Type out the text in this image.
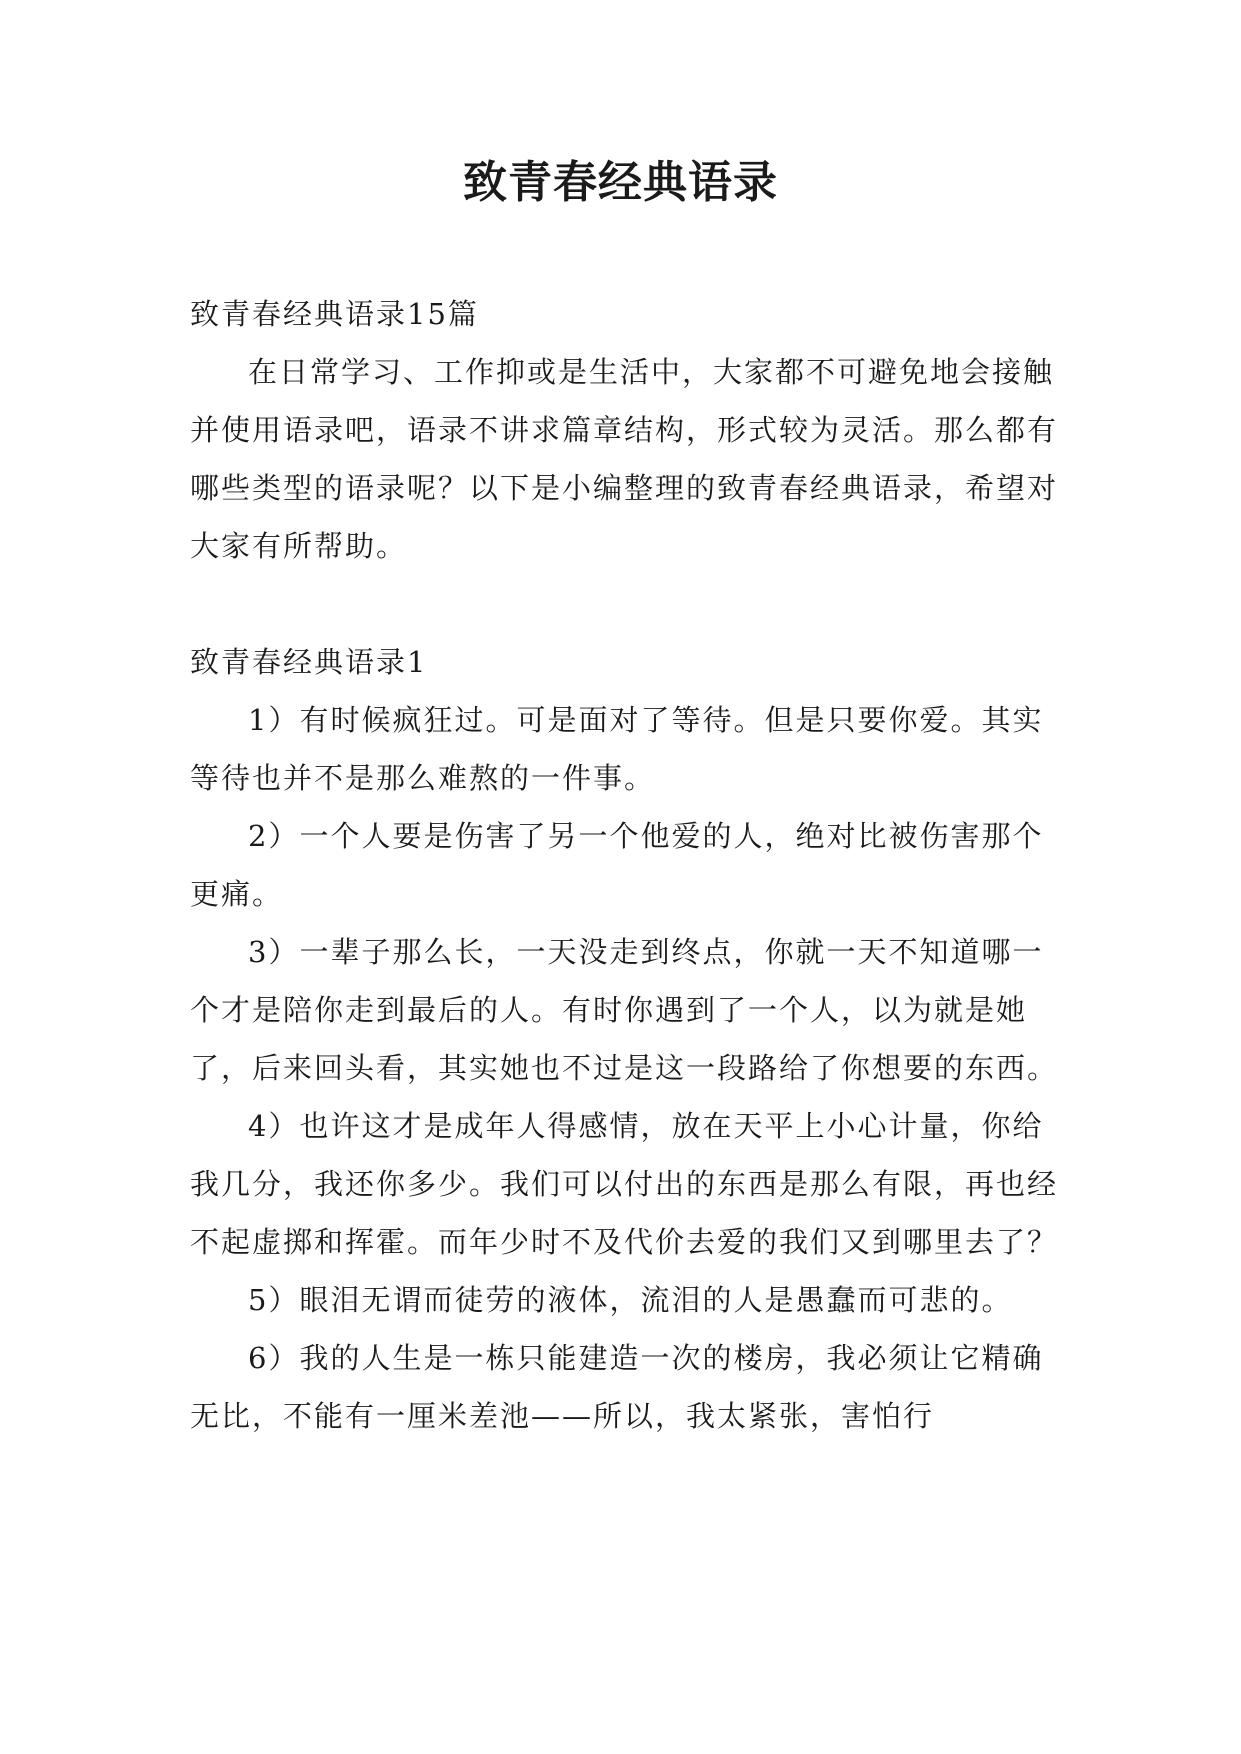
致青春经典语录

致青春经典语录15篇

在日常学习、工作抑或是生活中，大家都不可避免地会接触并使用语录吧，语录不讲求篇章结构，形式较为灵活。那么都有哪些类型的语录呢？以下是小编整理的致青春经典语录，希望对大家有所帮助。

致青春经典语录1

1）有时候疯狂过。可是面对了等待。但是只要你爱。其实等待也并不是那么难熬的一件事。

2）一个人要是伤害了另一个他爱的人，绝对比被伤害那个更痛。

3）一辈子那么长，一天没走到终点，你就一天不知道哪一个才是陪你走到最后的人。有时你遇到了一个人，以为就是她了，后来回头看，其实她也不过是这一段路给了你想要的东西。

4）也许这才是成年人得感情，放在天平上小心计量，你给我几分，我还你多少。我们可以付出的东西是那么有限，再也经不起虚掷和挥霍。而年少时不及代价去爱的我们又到哪里去了？

5）眼泪无谓而徒劳的液体，流泪的人是愚蠢而可悲的。

6）我的人生是一栋只能建造一次的楼房，我必须让它精确无比，不能有一厘米差池——所以，我太紧张，害怕行
